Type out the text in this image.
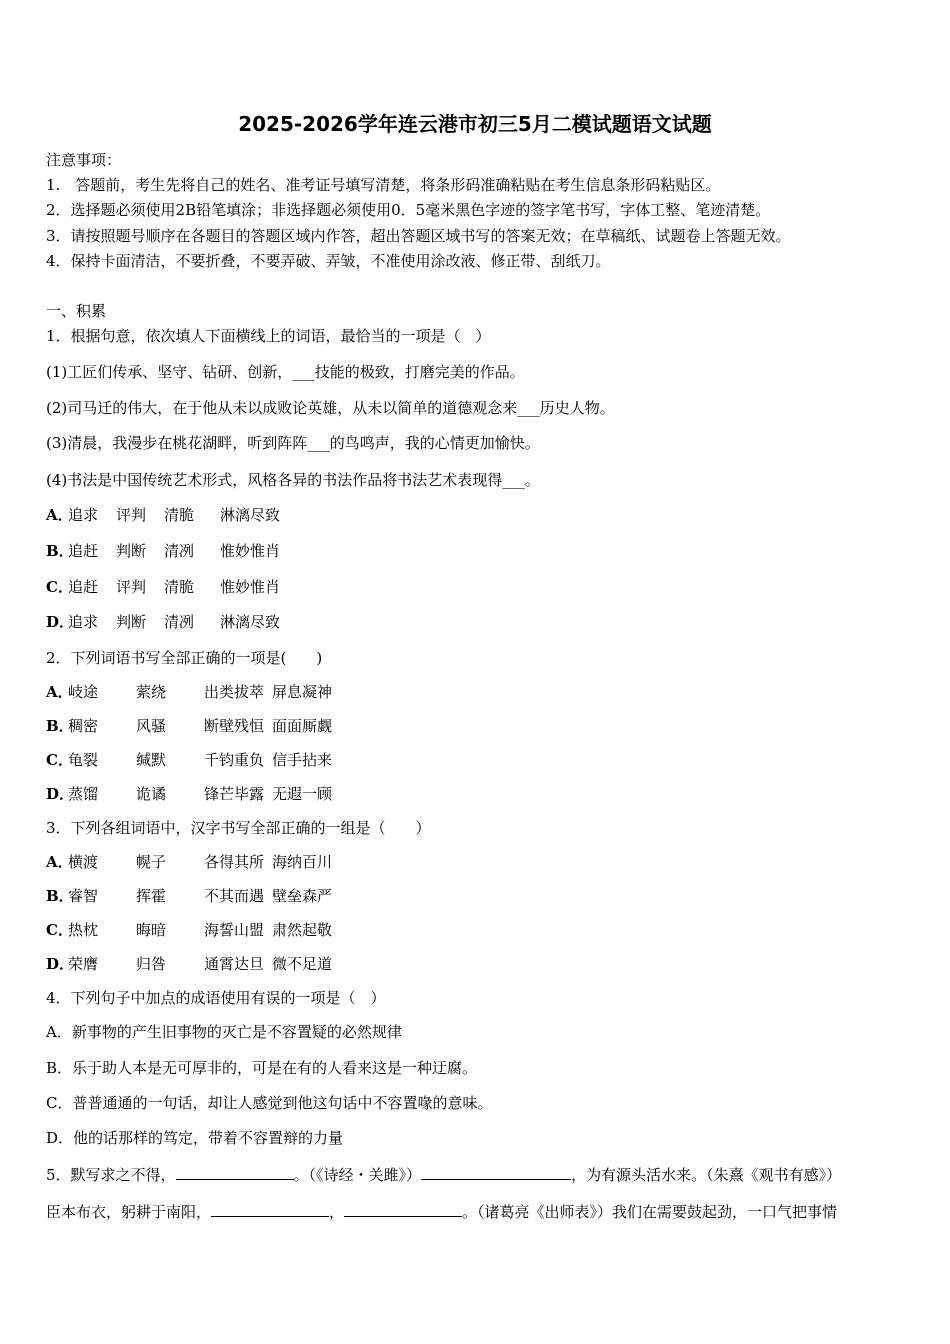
2025-2026学年连云港市初三5月二模试题语文试题
注意事项：
1.　答题前，考生先将自己的姓名、准考证号填写清楚，将条形码准确粘贴在考生信息条形码粘贴区。
2．选择题必须使用2B铅笔填涂；非选择题必须使用0．5毫米黑色字迹的签字笔书写，字体工整、笔迹清楚。
3．请按照题号顺序在各题目的答题区域内作答，超出答题区域书写的答案无效；在草稿纸、试题卷上答题无效。
4．保持卡面清洁，不要折叠，不要弄破、弄皱，不准使用涂改液、修正带、刮纸刀。
一、积累
1．根据句意，依次填人下面横线上的词语，最恰当的一项是（　）
(1)工匠们传承、坚守、钻研、创新，___技能的极致，打磨完美的作品。
(2)司马迁的伟大，在于他从未以成败论英雄，从未以简单的道德观念来___历史人物。
(3)清晨，我漫步在桃花湖畔，听到阵阵___的鸟鸣声，我的心情更加愉快。
(4)书法是中国传统艺术形式，风格各异的书法作品将书法艺术表现得___。
A．追求 评判 清脆 淋漓尽致
B．追赶 判断 清冽 惟妙惟肖
C．追赶 评判 清脆 惟妙惟肖
D．追求 判断 清冽 淋漓尽致
A．岐途	萦绕	出类拔萃 屏息凝神
B．稠密	风骚	断壁残恒 面面厮觑
C．龟裂	缄默	千钧重负 信手拈来
D．蒸馏	诡谲	锋芒毕露 无遐一顾
A．横渡	幌子	各得其所 海纳百川
B．睿智	挥霍	不其而遇 壁垒森严
C．热枕	晦暗	海誓山盟 肃然起敬
D．荣膺	归咎	通霄达旦 微不足道
2．下列词语书写全部正确的一项是(　　)
3．下列各组词语中，汉字书写全部正确的一组是（　　）
4．下列句子中加点的成语使用有误的一项是（　）
A．新事物的产生旧事物的灭亡是不容置疑的必然规律
B．乐于助人本是无可厚非的，可是在有的人看来这是一种迂腐。
C．普普通通的一句话，却让人感觉到他这句话中不容置喙的意味。
D．他的话那样的笃定，带着不容置辩的力量
5．默写求之不得，	。（《诗经・关雎》）	，为有源头活水来。（朱熹《观书有感》）
臣本布衣，躬耕于南阳，	，	。（诸葛亮《出师表》）我们在需要鼓起劲，一口气把事情
